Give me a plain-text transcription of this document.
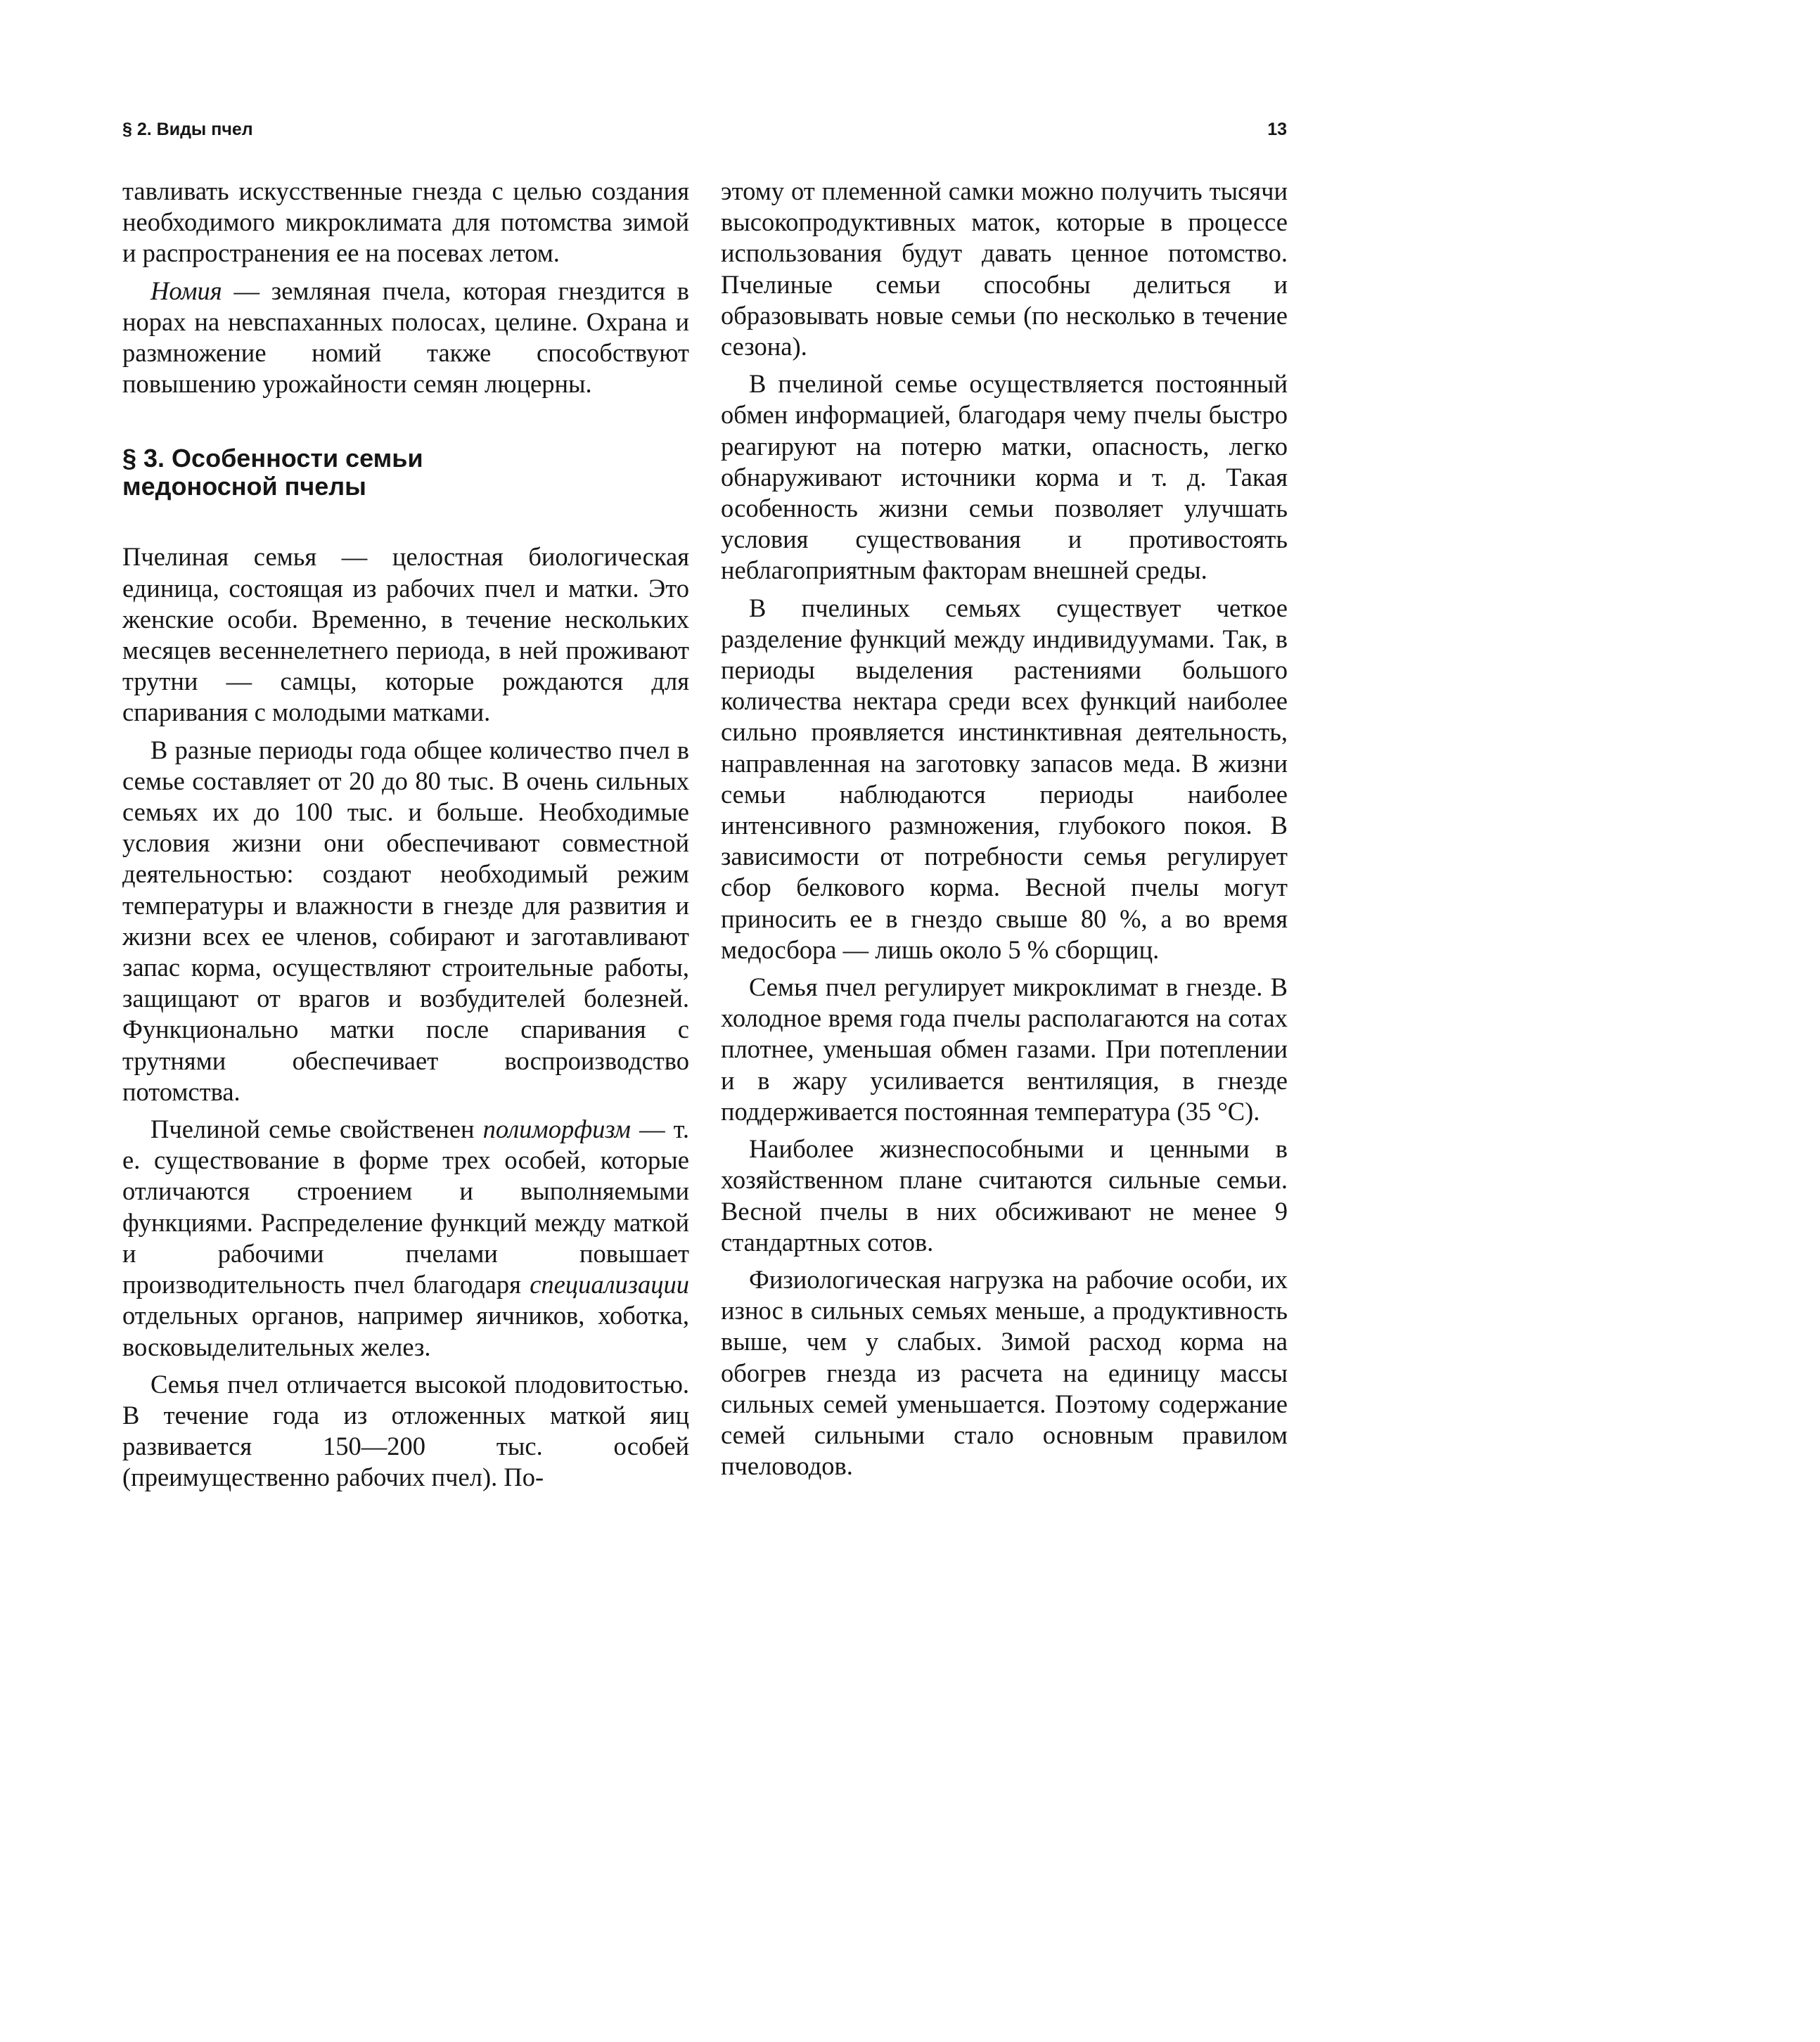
§ 2. Виды пчел	13

тавливать искусственные гнезда с целью создания необходимого микроклимата для потомства зимой и распространения ее на посевах летом.

Номия — земляная пчела, которая гнездится в норах на невспаханных полосах, целине. Охрана и размножение номий также способствуют повышению урожайности семян люцерны.

§ 3. Особенности семьи
медоносной пчелы

Пчелиная семья — целостная биологическая единица, состоящая из рабочих пчел и матки. Это женские особи. Временно, в течение нескольких месяцев весеннелетнего периода, в ней проживают трутни — самцы, которые рождаются для спаривания с молодыми матками.

В разные периоды года общее количество пчел в семье составляет от 20 до 80 тыс. В очень сильных семьях их до 100 тыс. и больше. Необходимые условия жизни они обеспечивают совместной деятельностью: создают необходимый режим температуры и влажности в гнезде для развития и жизни всех ее членов, собирают и заготавливают запас корма, осуществляют строительные работы, защищают от врагов и возбудителей болезней. Функционально матки после спаривания с трутнями обеспечивает воспроизводство потомства.

Пчелиной семье свойственен полиморфизм — т. е. существование в форме трех особей, которые отличаются строением и выполняемыми функциями. Распределение функций между маткой и рабочими пчелами повышает производительность пчел благодаря специализации отдельных органов, например яичников, хоботка, восковыделительных желез.

Семья пчел отличается высокой плодовитостью. В течение года из отложенных маткой яиц развивается 150—200 тыс. особей (преимущественно рабочих пчел). По-

этому от племенной самки можно получить тысячи высокопродуктивных маток, которые в процессе использования будут давать ценное потомство. Пчелиные семьи способны делиться и образовывать новые семьи (по несколько в течение сезона).

В пчелиной семье осуществляется постоянный обмен информацией, благодаря чему пчелы быстро реагируют на потерю матки, опасность, легко обнаруживают источники корма и т. д. Такая особенность жизни семьи позволяет улучшать условия существования и противостоять неблагоприятным факторам внешней среды.

В пчелиных семьях существует четкое разделение функций между индивидуумами. Так, в периоды выделения растениями большого количества нектара среди всех функций наиболее сильно проявляется инстинктивная деятельность, направленная на заготовку запасов меда. В жизни семьи наблюдаются периоды наиболее интенсивного размножения, глубокого покоя. В зависимости от потребности семья регулирует сбор белкового корма. Весной пчелы могут приносить ее в гнездо свыше 80 %, а во время медосбора — лишь около 5 % сборщиц.

Семья пчел регулирует микроклимат в гнезде. В холодное время года пчелы располагаются на сотах плотнее, уменьшая обмен газами. При потеплении и в жару усиливается вентиляция, в гнезде поддерживается постоянная температура (35 °С).

Наиболее жизнеспособными и ценными в хозяйственном плане считаются сильные семьи. Весной пчелы в них обсиживают не менее 9 стандартных сотов.

Физиологическая нагрузка на рабочие особи, их износ в сильных семьях меньше, а продуктивность выше, чем у слабых. Зимой расход корма на обогрев гнезда из расчета на единицу массы сильных семей уменьшается. Поэтому содержание семей сильными стало основным правилом пчеловодов.
